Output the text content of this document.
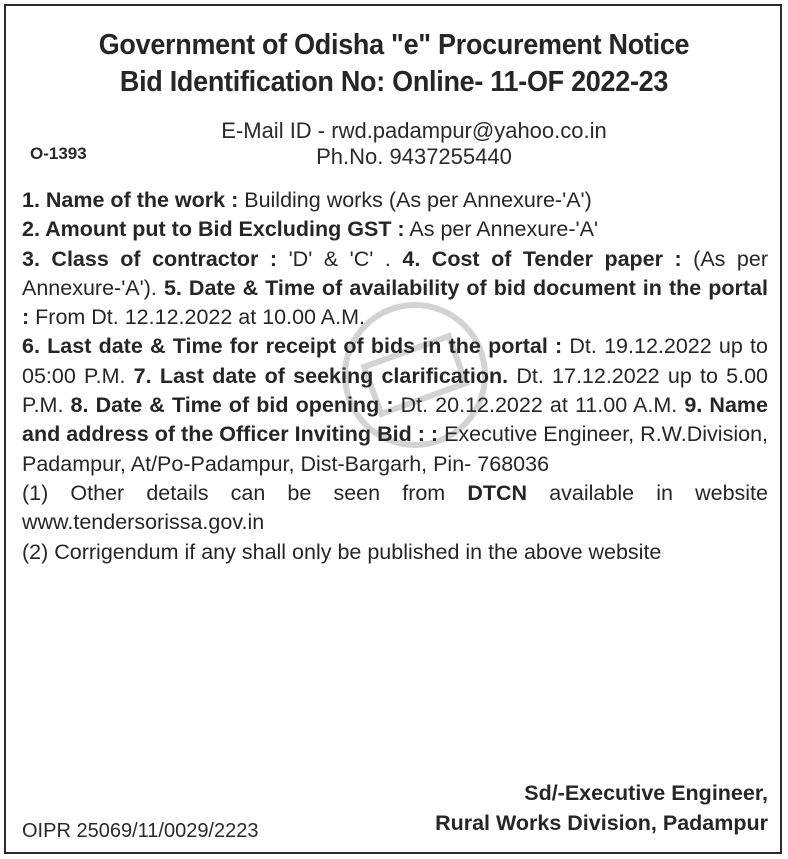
Government of Odisha "e" Procurement Notice
Bid Identification No: Online- 11-OF 2022-23
O-1393
E-Mail ID - rwd.padampur@yahoo.co.in
Ph.No. 9437255440

1. Name of the work : Building works (As per Annexure-'A')

2. Amount put to Bid Excluding GST : As per Annexure-'A'

3. Class of contractor : 'D' & 'C' . 4. Cost of Tender paper : (As per Annexure-'A'). 5. Date & Time of availability of bid document in the portal : From Dt. 12.12.2022 at 10.00 A.M.

6. Last date & Time for receipt of bids in the portal : Dt. 19.12.2022 up to 05:00 P.M. 7. Last date of seeking clarification. Dt. 17.12.2022 up to 5.00 P.M. 8. Date & Time of bid opening : Dt. 20.12.2022 at 11.00 A.M. 9. Name and address of the Officer Inviting Bid : : Executive Engineer, R.W.Division, Padampur, At/Po-Padampur, Dist-Bargarh, Pin- 768036

(1) Other details can be seen from DTCN available in website www.tendersorissa.gov.in

(2) Corrigendum if any shall only be published in the above website

Sd/-Executive Engineer,
Rural Works Division, Padampur
OIPR 25069/11/0029/2223
